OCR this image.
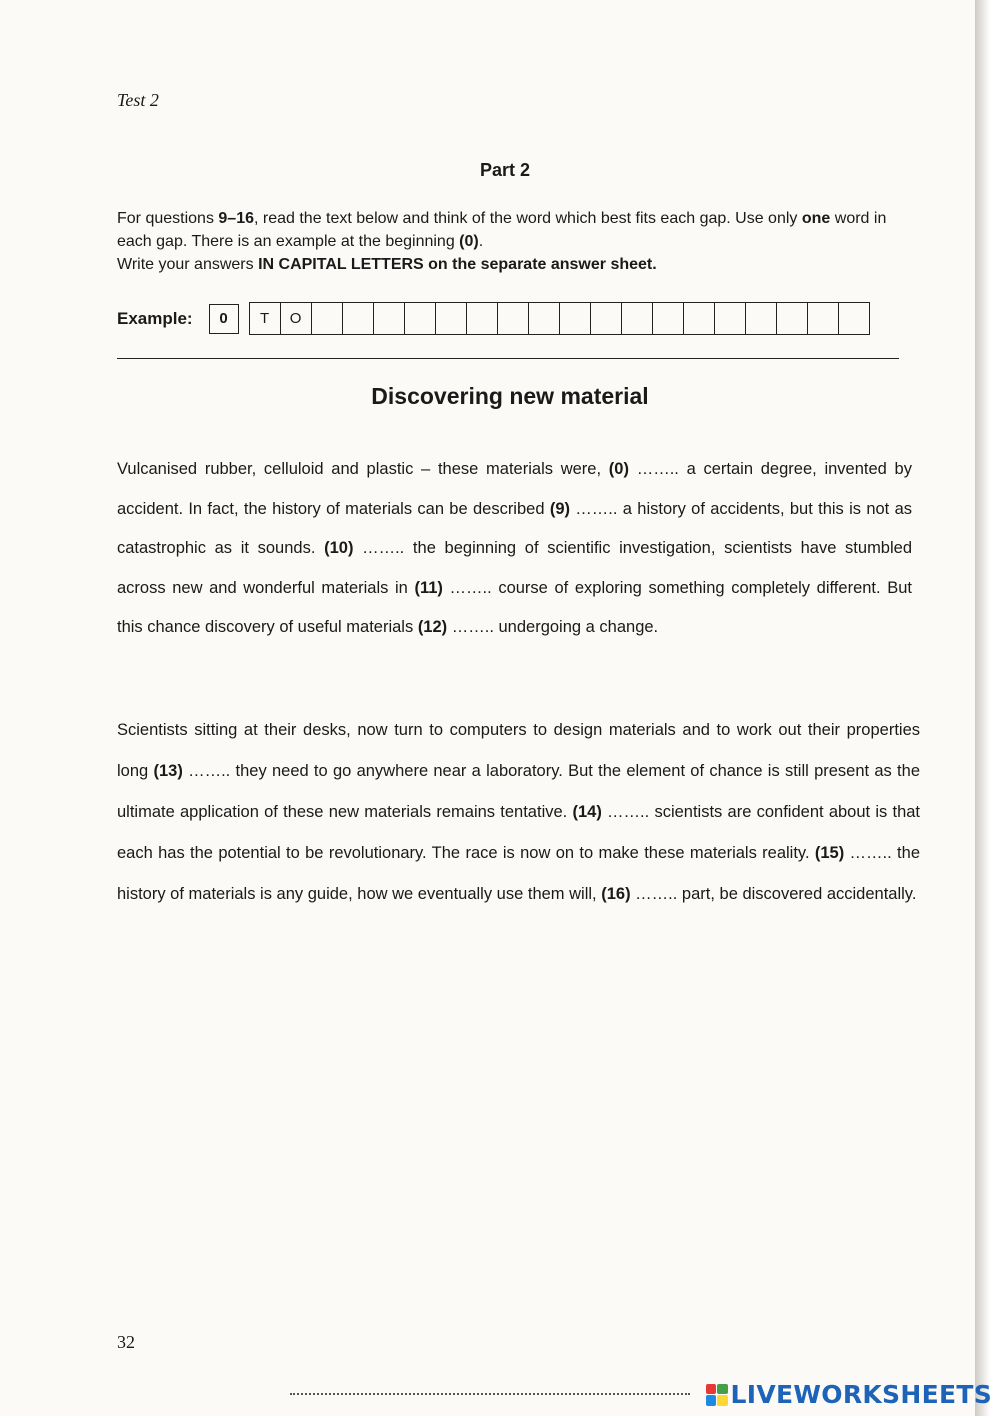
Test 2
Part 2
For questions 9–16, read the text below and think of the word which best fits each gap. Use only one word in each gap. There is an example at the beginning (0).
Write your answers IN CAPITAL LETTERS on the separate answer sheet.
Example:	0	T	O
Discovering new material
Vulcanised rubber, celluloid and plastic – these materials were, (0) …….. a certain degree, invented by accident. In fact, the history of materials can be described (9) …….. a history of accidents, but this is not as catastrophic as it sounds. (10) …….. the beginning of scientific investigation, scientists have stumbled across new and wonderful materials in (11) …….. course of exploring something completely different. But this chance discovery of useful materials (12) …….. undergoing a change.
Scientists sitting at their desks, now turn to computers to design materials and to work out their properties long (13) …….. they need to go anywhere near a laboratory. But the element of chance is still present as the ultimate application of these new materials remains tentative. (14) …….. scientists are confident about is that each has the potential to be revolutionary. The race is now on to make these materials reality. (15) …….. the history of materials is any guide, how we eventually use them will, (16) …….. part, be discovered accidentally.
32
LIVEWORKSHEETS
